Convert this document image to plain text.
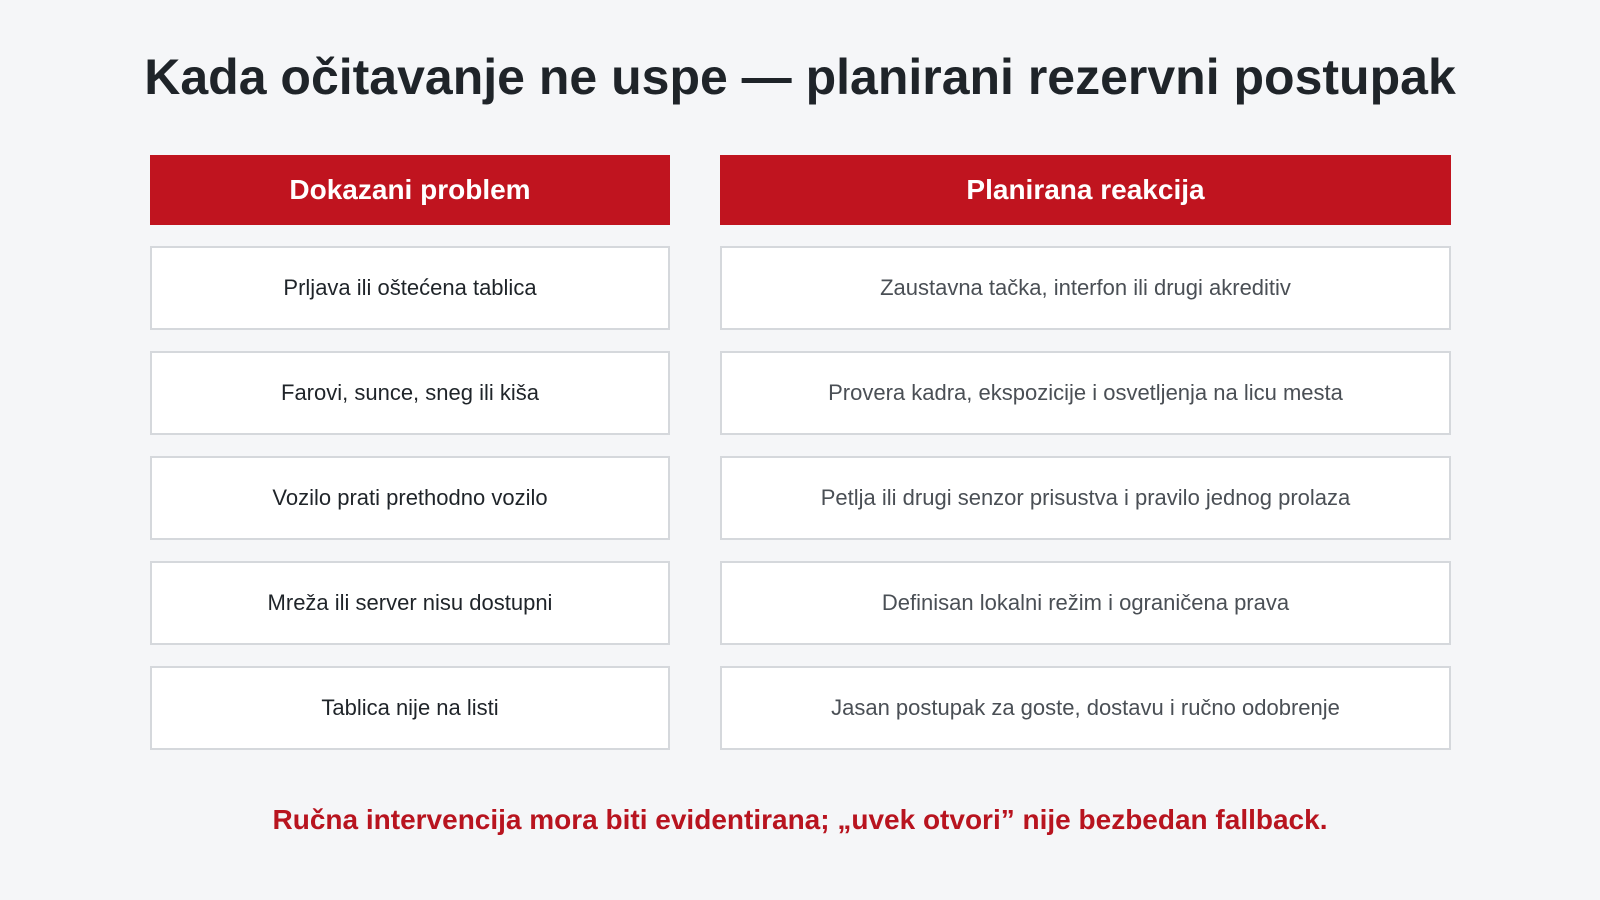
Kada očitavanje ne uspe — planirani rezervni postupak
Dokazani problem
Prljava ili oštećena tablica
Farovi, sunce, sneg ili kiša
Vozilo prati prethodno vozilo
Mreža ili server nisu dostupni
Tablica nije na listi
Planirana reakcija
Zaustavna tačka, interfon ili drugi akreditiv
Provera kadra, ekspozicije i osvetljenja na licu mesta
Petlja ili drugi senzor prisustva i pravilo jednog prolaza
Definisan lokalni režim i ograničena prava
Jasan postupak za goste, dostavu i ručno odobrenje
Ručna intervencija mora biti evidentirana; „uvek otvori” nije bezbedan fallback.
